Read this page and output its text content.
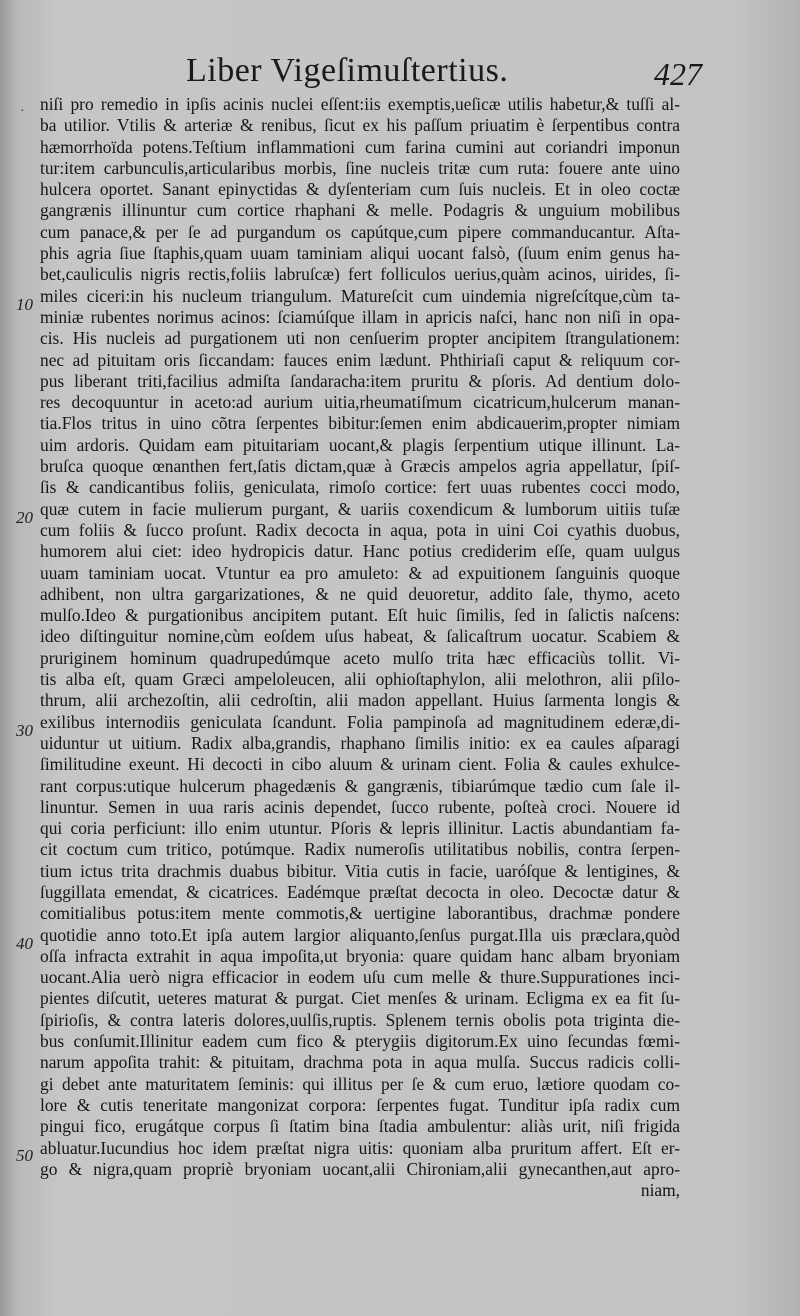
Liber Vigeſimuſtertius.	427
·
10
20
30
40
50
niſi pro remedio in ipſis acinis nuclei eſſent:iis exemptis,ueſicæ utilis habetur,& tuſſi al-
ba utilior. Vtilis & arteriæ & renibus, ſicut ex his paſſum priuatim è ſerpentibus contra
hæmorrhoïda potens.Teſtium inflammationi cum farina cumini aut coriandri imponun
tur:item carbunculis,articularibus morbis, ſine nucleis tritæ cum ruta: fouere ante uino
hulcera oportet. Sanant epinyctidas & dyſenteriam cum ſuis nucleis. Et in oleo coctæ
gangrænis illinuntur cum cortice rhaphani & melle. Podagris & unguium mobilibus
cum panace,& per ſe ad purgandum os capútque,cum pipere commanducantur. Aſta-
phis agria ſiue ſtaphis,quam uuam taminiam aliqui uocant falsò, (ſuum enim genus ha-
bet,cauliculis nigris rectis,foliis labruſcæ) fert folliculos uerius,quàm acinos, uirides, ſi-
miles ciceri:in his nucleum triangulum. Matureſcit cum uindemia nigreſcítque,cùm ta-
miniæ rubentes norimus acinos: ſciamúſque illam in apricis naſci, hanc non niſi in opa-
cis. His nucleis ad purgationem uti non cenſuerim propter ancipitem ſtrangulationem:
nec ad pituitam oris ſiccandam: fauces enim lædunt. Phthiriaſi caput & reliquum cor-
pus liberant triti,facilius admiſta ſandaracha:item pruritu & pſoris. Ad dentium dolo-
res decoquuntur in aceto:ad aurium uitia,rheumatiſmum cicatricum,hulcerum manan-
tia.Flos tritus in uino cõtra ſerpentes bibitur:ſemen enim abdicauerim,propter nimiam
uim ardoris. Quidam eam pituitariam uocant,& plagis ſerpentium utique illinunt. La-
bruſca quoque œnanthen fert,ſatis dictam,quæ à Græcis ampelos agria appellatur, ſpiſ-
ſis & candicantibus foliis, geniculata, rimoſo cortice: fert uuas rubentes cocci modo,
quæ cutem in facie mulierum purgant, & uariis coxendicum & lumborum uitiis tuſæ
cum foliis & ſucco proſunt. Radix decocta in aqua, pota in uini Coi cyathis duobus,
humorem alui ciet: ideo hydropicis datur. Hanc potius crediderim eſſe, quam uulgus
uuam taminiam uocat. Vtuntur ea pro amuleto: & ad expuitionem ſanguinis quoque
adhibent, non ultra gargarizationes, & ne quid deuoretur, addito ſale, thymo, aceto
mulſo.Ideo & purgationibus ancipitem putant. Eſt huic ſimilis, ſed in ſalictis naſcens:
ideo diſtinguitur nomine,cùm eoſdem uſus habeat, & ſalicaſtrum uocatur. Scabiem &
pruriginem hominum quadrupedúmque aceto mulſo trita hæc efficaciùs tollit. Vi-
tis alba eſt, quam Græci ampeloleucen, alii ophioſtaphylon, alii melothron, alii pſilo-
thrum, alii archezoſtin, alii cedroſtin, alii madon appellant. Huius ſarmenta longis &
exilibus internodiis geniculata ſcandunt. Folia pampinoſa ad magnitudinem ederæ,di-
uiduntur ut uitium. Radix alba,grandis, rhaphano ſimilis initio: ex ea caules aſparagi
ſimilitudine exeunt. Hi decocti in cibo aluum & urinam cient. Folia & caules exhulce-
rant corpus:utique hulcerum phagedænis & gangrænis, tibiarúmque tædio cum ſale il-
linuntur. Semen in uua raris acinis dependet, ſucco rubente, poſteà croci. Nouere id
qui coria perficiunt: illo enim utuntur. Pſoris & lepris illinitur. Lactis abundantiam fa-
cit coctum cum tritico, potúmque. Radix numeroſis utilitatibus nobilis, contra ſerpen-
tium ictus trita drachmis duabus bibitur. Vitia cutis in facie, uaróſque & lentigines, &
ſuggillata emendat, & cicatrices. Eadémque præſtat decocta in oleo. Decoctæ datur &
comitialibus potus:item mente commotis,& uertigine laborantibus, drachmæ pondere
quotidie anno toto.Et ipſa autem largior aliquanto,ſenſus purgat.Illa uis præclara,quòd
oſſa infracta extrahit in aqua impoſita,ut bryonia: quare quidam hanc albam bryoniam
uocant.Alia uerò nigra efficacior in eodem uſu cum melle & thure.Suppurationes inci-
pientes diſcutit, ueteres maturat & purgat. Ciet menſes & urinam. Ecligma ex ea fit ſu-
ſpirioſis, & contra lateris dolores,uulſis,ruptis. Splenem ternis obolis pota triginta die-
bus conſumit.Illinitur eadem cum fico & pterygiis digitorum.Ex uino ſecundas fœmi-
narum appoſita trahit: & pituitam, drachma pota in aqua mulſa. Succus radicis colli-
gi debet ante maturitatem ſeminis: qui illitus per ſe & cum eruo, lætiore quodam co-
lore & cutis teneritate mangonizat corpora: ſerpentes fugat. Tunditur ipſa radix cum
pingui fico, erugátque corpus ſi ſtatim bina ſtadia ambulentur: aliàs urit, niſi frigida
abluatur.Iucundius hoc idem præſtat nigra uitis: quoniam alba pruritum affert. Eſt er-
go & nigra,quam propriè bryoniam uocant,alii Chironiam,alii gynecanthen,aut apro-
niam,
